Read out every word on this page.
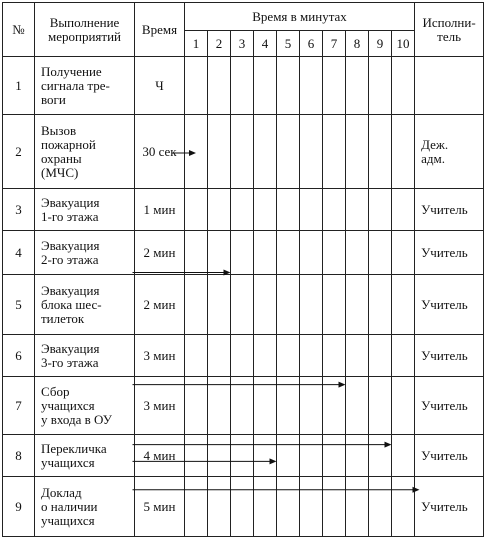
№	Выполнение
мероприятий	Время	Время в минутах										Исполни-
тель
			1	2	3	4	5	6	7	8	9	10	
1	Получение
сигнала тре-
воги	Ч											

2	Вызов
пожарной
охраны
(МЧС)	30 сек											Деж.
адм.

3	Эвакуация
1-го этажа	1 мин											Учитель

4	Эвакуация
2-го этажа	2 мин											Учитель

5	Эвакуация
блока шес-
тилеток	2 мин											Учитель

6	Эвакуация
3-го этажа	3 мин											Учитель

7	Сбор
учащихся
у входа в ОУ	3 мин											Учитель

8	Перекличка
учащихся	4 мин											Учитель

9	Доклад
о наличии
учащихся	5 мин											Учитель
